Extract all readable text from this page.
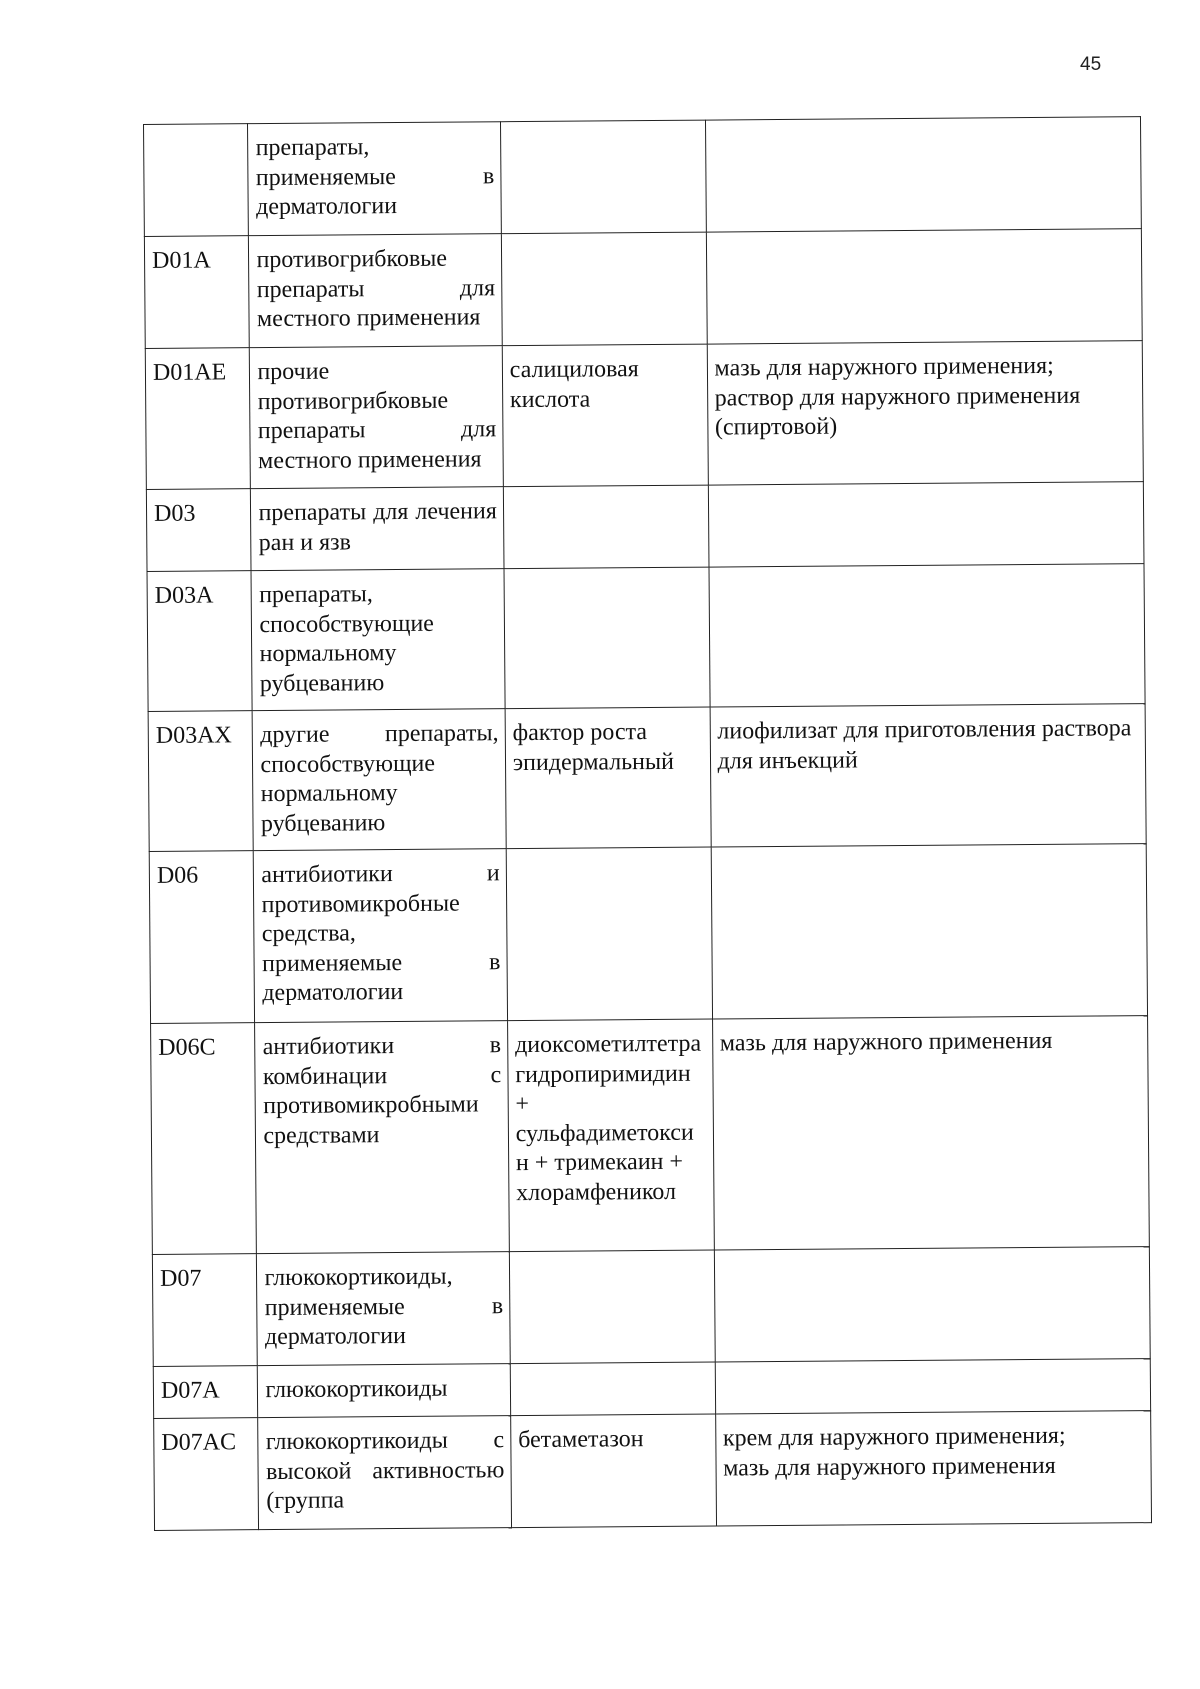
45
	препараты, применяемые в дерматологии		
D01A	противогрибковые препараты для местного применения		
D01AE	прочие противогрибковые препараты для местного применения	салициловая кислота	мазь для наружного применения;
раствор для наружного применения (спиртовой)

D03	препараты для лечения ран и язв		
D03A	препараты, способствующие нормальному рубцеванию		
D03AX	другие препараты, способствующие нормальному рубцеванию	фактор роста эпидермальный	лиофилизат для приготовления раствора для инъекций

D06	антибиотики и противомикробные средства, применяемые в дерматологии		
D06C	антибиотики в комбинации с противомикробными средствами	диоксометилтетрагидропиримидин + сульфадиметоксин + тримекаин + хлорамфеникол	мазь для наружного применения

D07	глюкокортикоиды, применяемые в дерматологии		
D07A	глюкокортикоиды		
D07AC	глюкокортикоиды с высокой активностью (группа	бетаметазон	крем для наружного применения;
мазь для наружного применения
